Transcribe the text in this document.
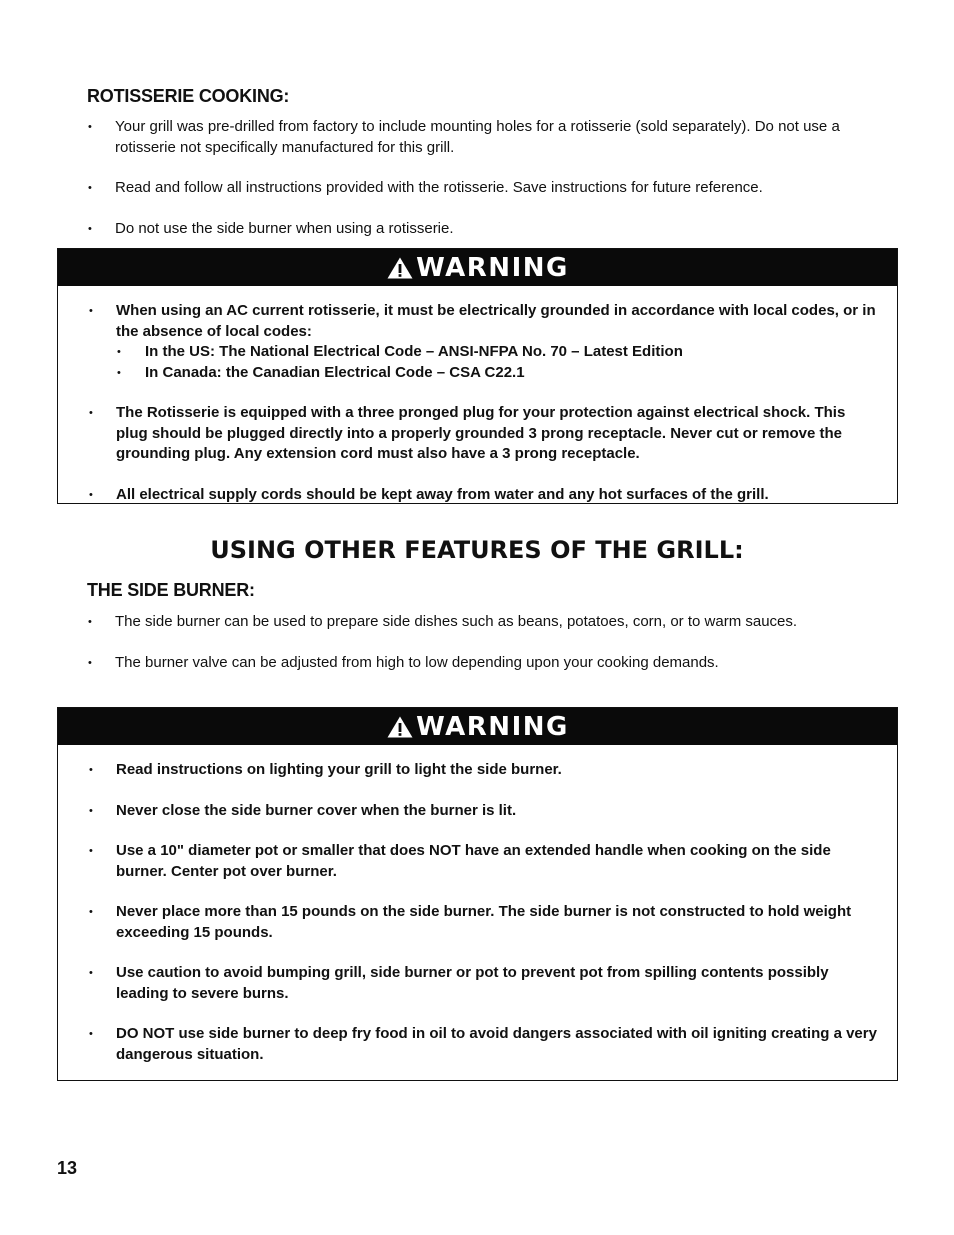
ROTISSERIE COOKING:
• Your grill was pre-drilled from factory to include mounting holes for a rotisserie (sold separately). Do not use a rotisserie not specifically manufactured for this grill.
• Read and follow all instructions provided with the rotisserie. Save instructions for future reference.
• Do not use the side burner when using a rotisserie.
WARNING
• When using an AC current rotisserie, it must be electrically grounded in accordance with local codes, or in the absence of local codes:
• In the US: The National Electrical Code – ANSI-NFPA No. 70 – Latest Edition
• In Canada: the Canadian Electrical Code – CSA C22.1
• The Rotisserie is equipped with a three pronged plug for your protection against electrical shock. This plug should be plugged directly into a properly grounded 3 prong receptacle. Never cut or remove the grounding plug. Any extension cord must also have a 3 prong receptacle.
• All electrical supply cords should be kept away from water and any hot surfaces of the grill.
USING OTHER FEATURES OF THE GRILL:
THE SIDE BURNER:
• The side burner can be used to prepare side dishes such as beans, potatoes, corn, or to warm sauces.
• The burner valve can be adjusted from high to low depending upon your cooking demands.
WARNING
• Read instructions on lighting your grill to light the side burner.
• Never close the side burner cover when the burner is lit.
• Use a 10" diameter pot or smaller that does NOT have an extended handle when cooking on the side burner. Center pot over burner.
• Never place more than 15 pounds on the side burner. The side burner is not constructed to hold weight exceeding 15 pounds.
• Use caution to avoid bumping grill, side burner or pot to prevent pot from spilling contents possibly leading to severe burns.
• DO NOT use side burner to deep fry food in oil to avoid dangers associated with oil igniting creating a very dangerous situation.

13
